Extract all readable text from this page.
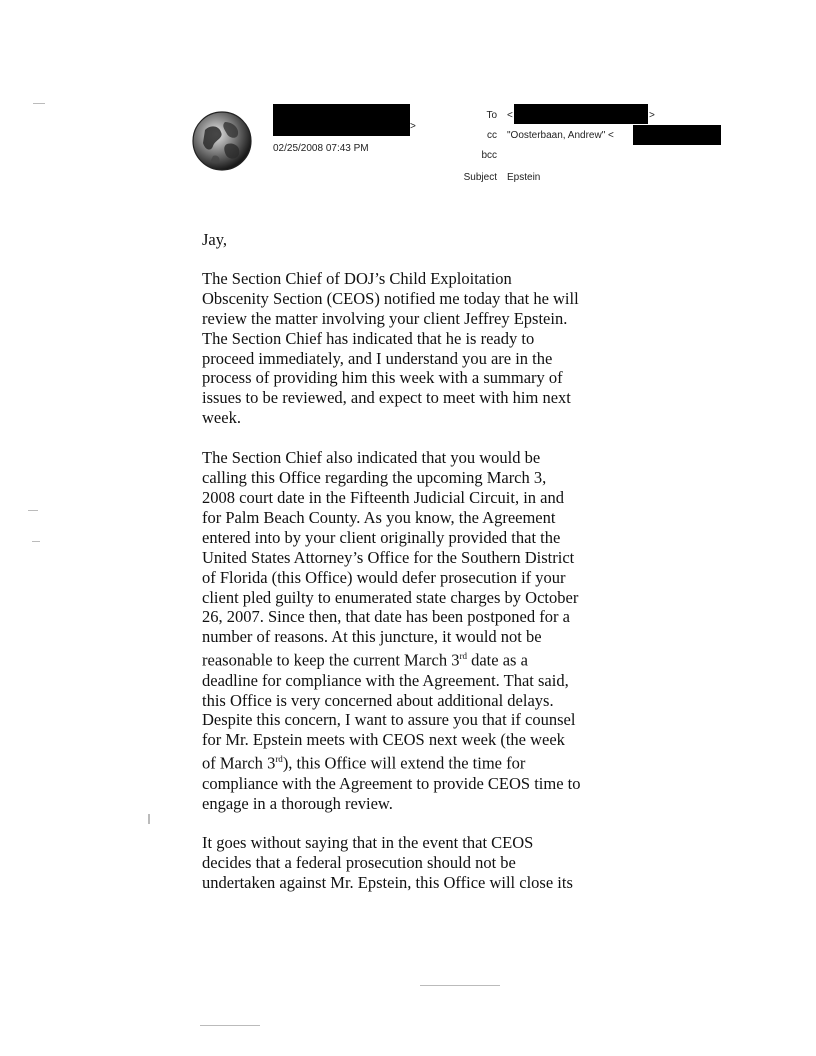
>
02/25/2008 07:43 PM
To <	>
cc "Oosterbaan, Andrew" <
bcc
Subject Epstein

Jay,

The Section Chief of DOJ’s Child Exploitation

Obscenity Section (CEOS) notified me today that he will

review the matter involving your client Jeffrey Epstein.

The Section Chief has indicated that he is ready to

proceed immediately, and I understand you are in the

process of providing him this week with a summary of

issues to be reviewed, and expect to meet with him next

week.

The Section Chief also indicated that you would be

calling this Office regarding the upcoming March 3,

2008 court date in the Fifteenth Judicial Circuit, in and

for Palm Beach County. As you know, the Agreement

entered into by your client originally provided that the

United States Attorney’s Office for the Southern District

of Florida (this Office) would defer prosecution if your

client pled guilty to enumerated state charges by October

26, 2007. Since then, that date has been postponed for a

number of reasons. At this juncture, it would not be

reasonable to keep the current March 3rd date as a

deadline for compliance with the Agreement. That said,

this Office is very concerned about additional delays.

Despite this concern, I want to assure you that if counsel

for Mr. Epstein meets with CEOS next week (the week

of March 3rd), this Office will extend the time for

compliance with the Agreement to provide CEOS time to

engage in a thorough review.

It goes without saying that in the event that CEOS

decides that a federal prosecution should not be

undertaken against Mr. Epstein, this Office will close its
